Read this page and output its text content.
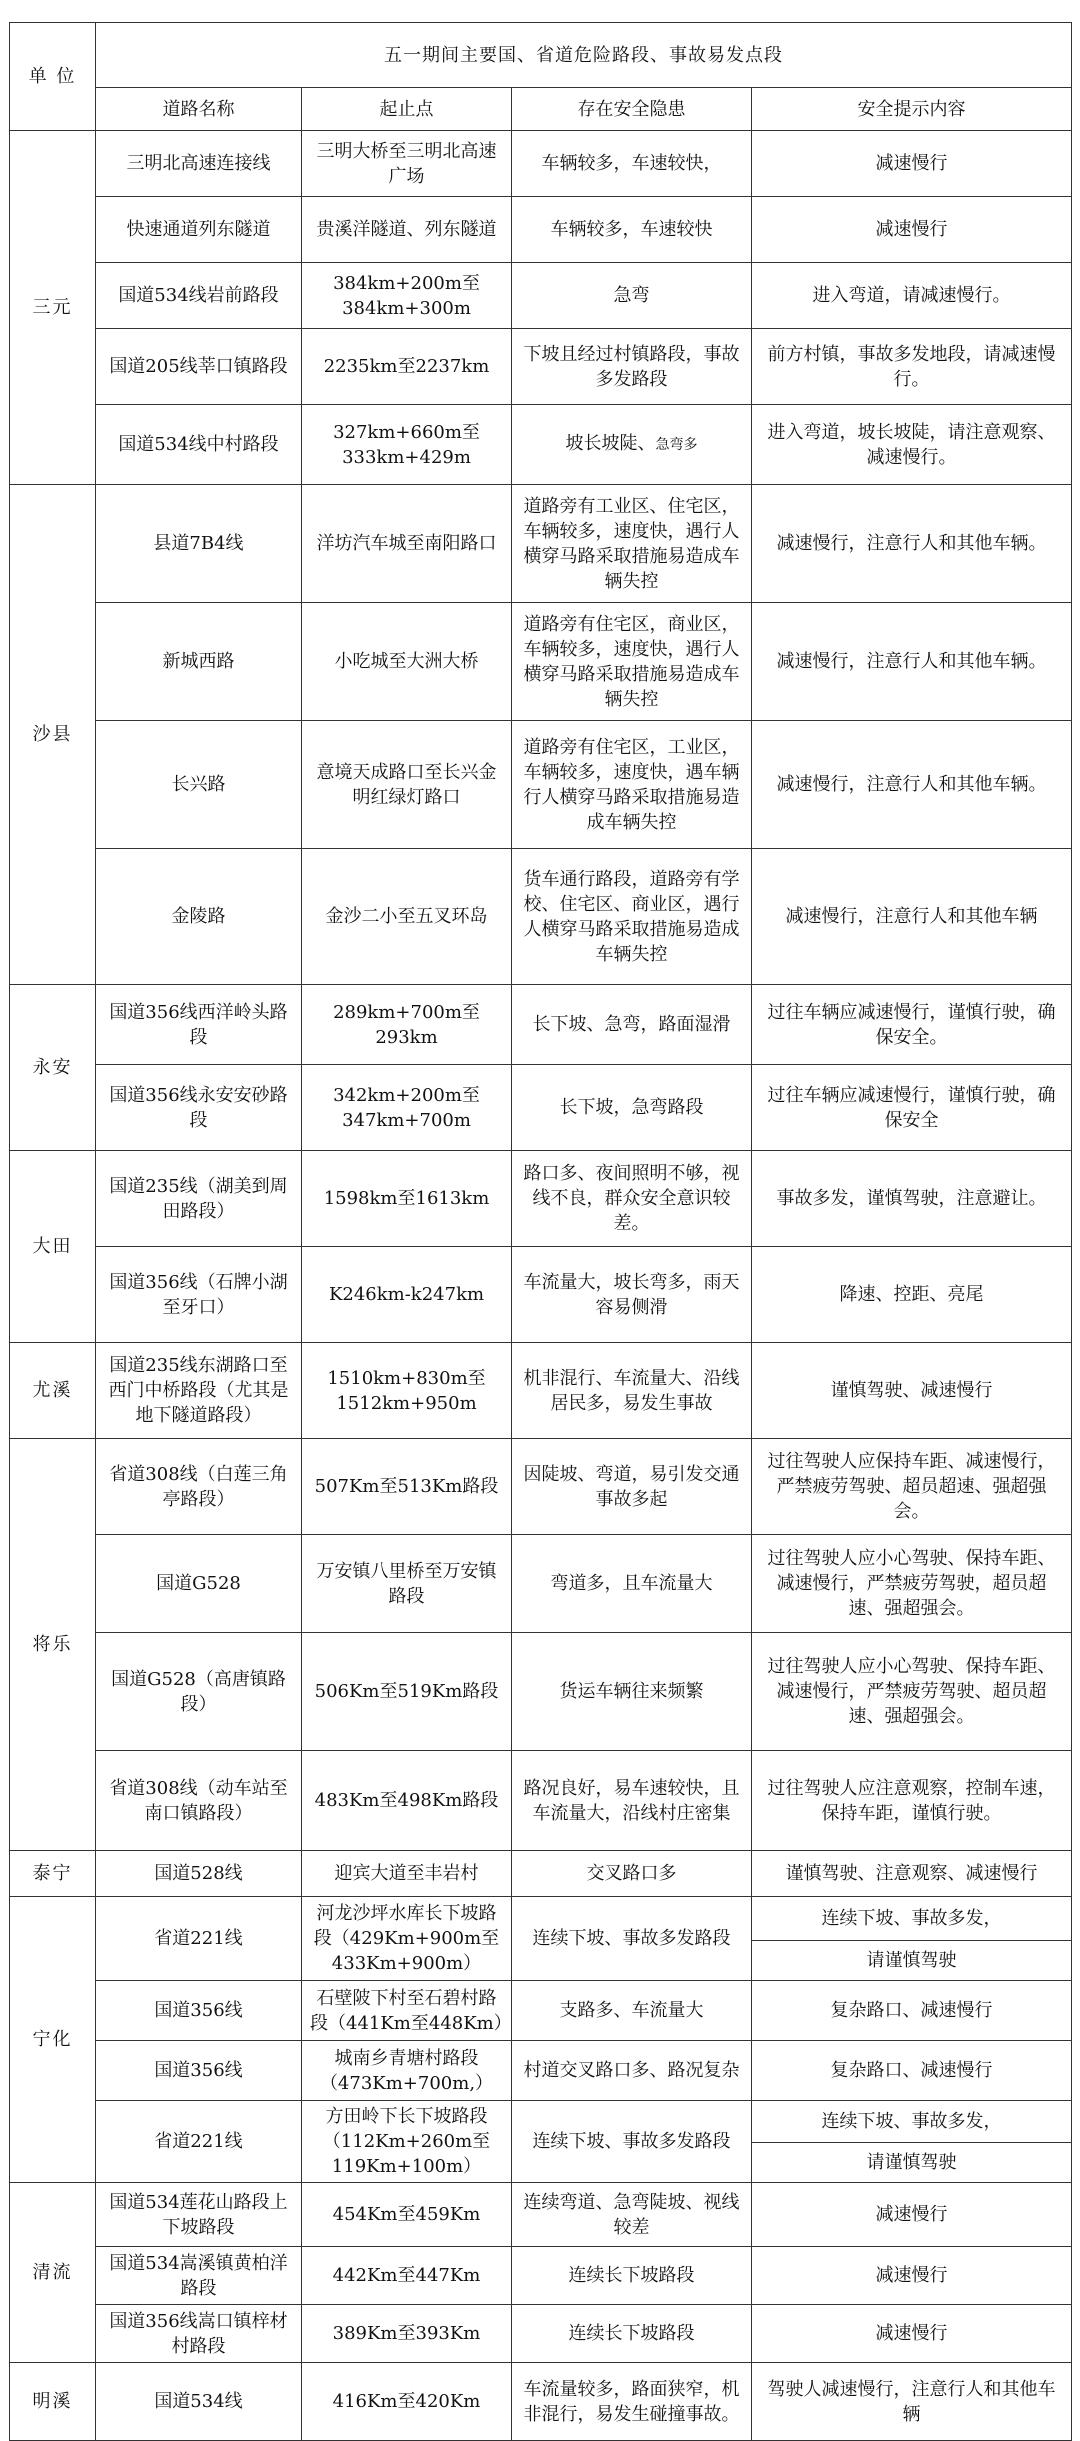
单 位	五一期间主要国、省道危险路段、事故易发点段			
	道路名称	起止点	存在安全隐患	安全提示内容
三元	三明北高速连接线	三明大桥至三明北高速广场	车辆较多，车速较快，	减速慢行
	快速通道列东隧道	贵溪洋隧道、列东隧道	车辆较多，车速较快	减速慢行
	国道534线岩前路段	384km+200m至384km+300m	急弯	进入弯道，请减速慢行。
	国道205线莘口镇路段	2235km至2237km	下坡且经过村镇路段，事故多发路段	前方村镇，事故多发地段，请减速慢行。
	国道534线中村路段	327km+660m至333km+429m	坡长坡陡、急弯多	进入弯道，坡长坡陡，请注意观察、减速慢行。
沙县	县道7B4线	洋坊汽车城至南阳路口	道路旁有工业区、住宅区，车辆较多，速度快，遇行人横穿马路采取措施易造成车辆失控	减速慢行，注意行人和其他车辆。
	新城西路	小吃城至大洲大桥	道路旁有住宅区，商业区，车辆较多，速度快，遇行人横穿马路采取措施易造成车辆失控	减速慢行，注意行人和其他车辆。
	长兴路	意境天成路口至长兴金明红绿灯路口	道路旁有住宅区，工业区，车辆较多，速度快，遇车辆行人横穿马路采取措施易造成车辆失控	减速慢行，注意行人和其他车辆。
	金陵路	金沙二小至五叉环岛	货车通行路段，道路旁有学校、住宅区、商业区，遇行人横穿马路采取措施易造成车辆失控	减速慢行，注意行人和其他车辆
永安	国道356线西洋岭头路段	289km+700m至293km	长下坡、急弯，路面湿滑	过往车辆应减速慢行，谨慎行驶，确保安全。
	国道356线永安安砂路段	342km+200m至347km+700m	长下坡，急弯路段	过往车辆应减速慢行，谨慎行驶，确保安全
大田	国道235线（湖美到周田路段）	1598km至1613km	路口多、夜间照明不够，视线不良，群众安全意识较差。	事故多发，谨慎驾驶，注意避让。
	国道356线（石牌小湖至牙口）	K246km-k247km	车流量大，坡长弯多，雨天容易侧滑	降速、控距、亮尾
尤溪	国道235线东湖路口至西门中桥路段（尤其是地下隧道路段）	1510km+830m至1512km+950m	机非混行、车流量大、沿线居民多，易发生事故	谨慎驾驶、减速慢行
将乐	省道308线（白莲三角亭路段）	507Km至513Km路段	因陡坡、弯道，易引发交通事故多起	过往驾驶人应保持车距、减速慢行，严禁疲劳驾驶、超员超速、强超强会。
	国道G528	万安镇八里桥至万安镇路段	弯道多，且车流量大	过往驾驶人应小心驾驶、保持车距、减速慢行，严禁疲劳驾驶，超员超速、强超强会。
	国道G528（高唐镇路段）	506Km至519Km路段	货运车辆往来频繁	过往驾驶人应小心驾驶、保持车距、减速慢行，严禁疲劳驾驶、超员超速、强超强会。
	省道308线（动车站至南口镇路段）	483Km至498Km路段	路况良好，易车速较快，且车流量大，沿线村庄密集	过往驾驶人应注意观察，控制车速，保持车距，谨慎行驶。
泰宁	国道528线	迎宾大道至丰岩村	交叉路口多	谨慎驾驶、注意观察、减速慢行
宁化	省道221线	河龙沙坪水库长下坡路段（429Km+900m至433Km+900m）	连续下坡、事故多发路段	连续下坡、事故多发，
				请谨慎驾驶
	国道356线	石壁陂下村至石碧村路段（441Km至448Km）	支路多、车流量大	复杂路口、减速慢行
	国道356线	城南乡青塘村路段（473Km+700m,）	村道交叉路口多、路况复杂	复杂路口、减速慢行
	省道221线	方田岭下长下坡路段（112Km+260m至119Km+100m）	连续下坡、事故多发路段	连续下坡、事故多发，
				请谨慎驾驶
清流	国道534莲花山路段上下坡路段	454Km至459Km	连续弯道、急弯陡坡、视线较差	减速慢行
	国道534嵩溪镇黄柏洋路段	442Km至447Km	连续长下坡路段	减速慢行
	国道356线嵩口镇梓材村路段	389Km至393Km	连续长下坡路段	减速慢行
明溪	国道534线	416Km至420Km	车流量较多，路面狭窄，机非混行，易发生碰撞事故。	驾驶人减速慢行，注意行人和其他车辆
